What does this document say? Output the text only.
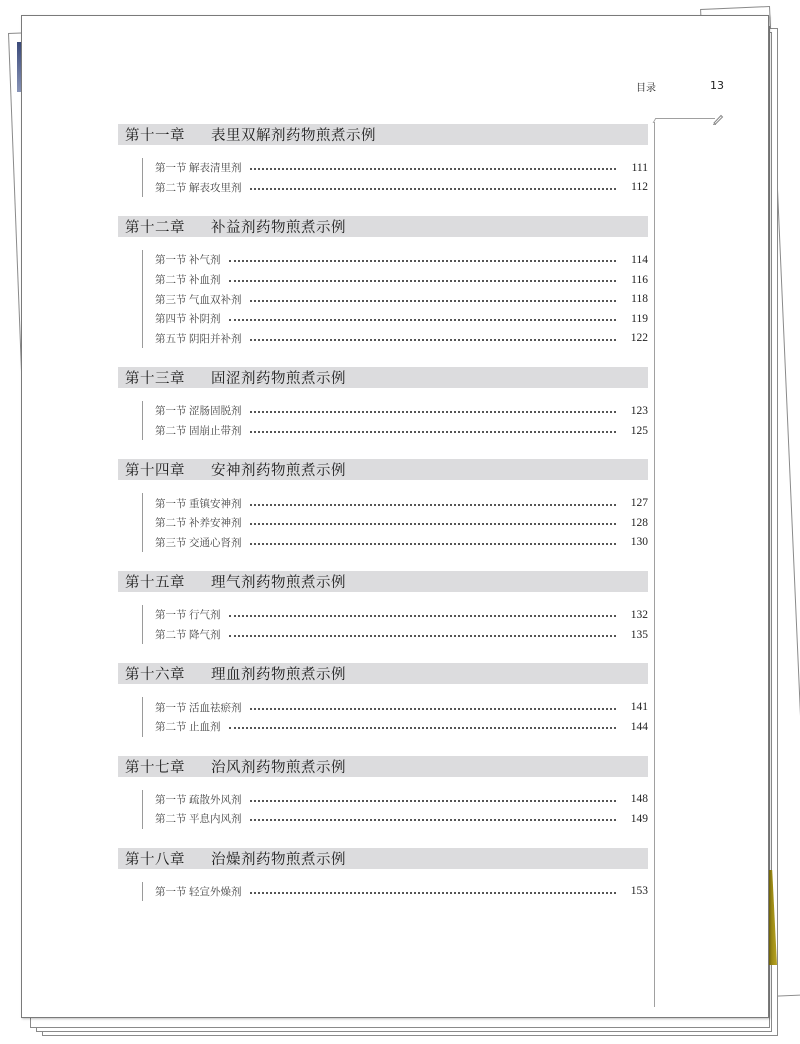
目录	13
第十一章	表里双解剂药物煎煮示例
第一节 解表清里剂	111
第二节 解表攻里剂	112
第十二章	补益剂药物煎煮示例
第一节 补气剂	114
第二节 补血剂	116
第三节 气血双补剂	118
第四节 补阴剂	119
第五节 阴阳并补剂	122
第十三章	固涩剂药物煎煮示例
第一节 涩肠固脱剂	123
第二节 固崩止带剂	125
第十四章	安神剂药物煎煮示例
第一节 重镇安神剂	127
第二节 补养安神剂	128
第三节 交通心肾剂	130
第十五章	理气剂药物煎煮示例
第一节 行气剂	132
第二节 降气剂	135
第十六章	理血剂药物煎煮示例
第一节 活血祛瘀剂	141
第二节 止血剂	144
第十七章	治风剂药物煎煮示例
第一节 疏散外风剂	148
第二节 平息内风剂	149
第十八章	治燥剂药物煎煮示例
第一节 轻宣外燥剂	153
